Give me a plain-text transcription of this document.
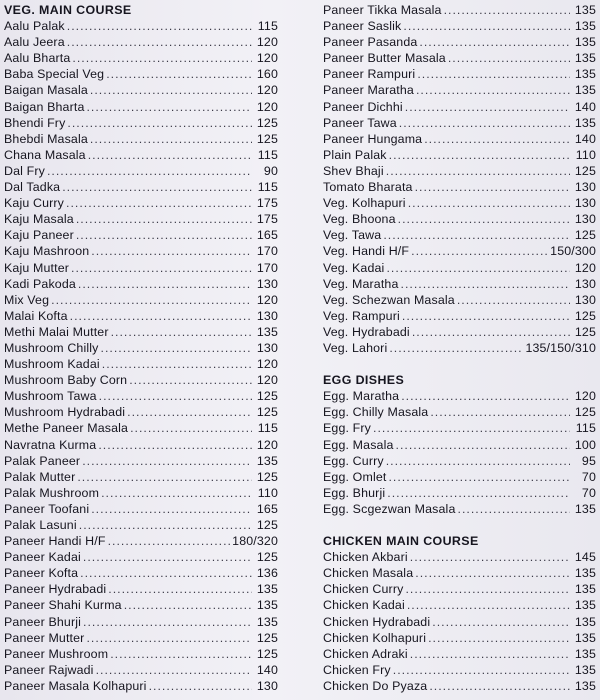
VEG. MAIN COURSE
Aalu Palak .....	115
Aalu Jeera .....	120
Aalu Bharta .....	120
Baba Special Veg .....	160
Baigan Masala .....	120
Baigan Bharta .....	120
Bhendi Fry .....	125
Bhebdi Masala .....	125
Chana Masala .....	115
Dal Fry .....	90
Dal Tadka .....	115
Kaju Curry .....	175
Kaju Masala .....	175
Kaju Paneer .....	165
Kaju Mashroon .....	170
Kaju Mutter .....	170
Kadi Pakoda .....	130
Mix Veg .....	120
Malai Kofta .....	130
Methi Malai Mutter .....	135
Mushroom Chilly .....	130
Mushroom Kadai .....	120
Mushroom Baby Corn .....	120
Mushroom Tawa .....	125
Mushroom Hydrabadi .....	125
Methe Paneer Masala .....	115
Navratna Kurma .....	120
Palak Paneer .....	135
Palak Mutter .....	125
Palak Mushroom .....	110
Paneer Toofani .....	165
Palak Lasuni .....	125
Paneer Handi H/F .....	180/320
Paneer Kadai .....	125
Paneer Kofta .....	136
Paneer Hydrabadi .....	135
Paneer Shahi Kurma .....	135
Paneer Bhurji .....	135
Paneer Mutter .....	125
Paneer Mushroom .....	125
Paneer Rajwadi .....	140
Paneer Masala Kolhapuri .....	130
Paneer Tikka Masala .....	135
Paneer Saslik .....	135
Paneer Pasanda .....	135
Paneer Butter Masala .....	135
Paneer Rampuri .....	135
Paneer Maratha .....	135
Paneer Dichhi .....	140
Paneer Tawa .....	135
Paneer Hungama .....	140
Plain Palak .....	110
Shev Bhaji .....	125
Tomato Bharata .....	130
Veg. Kolhapuri .....	130
Veg. Bhoona .....	130
Veg. Tawa .....	125
Veg. Handi H/F .....	150/300
Veg. Kadai .....	120
Veg. Maratha .....	130
Veg. Schezwan Masala .....	130
Veg. Rampuri .....	125
Veg. Hydrabadi .....	125
Veg. Lahori .....	135/150/310
EGG DISHES
Egg. Maratha .....	120
Egg. Chilly Masala .....	125
Egg. Fry .....	115
Egg. Masala .....	100
Egg. Curry .....	95
Egg. Omlet .....	70
Egg. Bhurji .....	70
Egg. Scgezwan Masala .....	135
CHICKEN MAIN COURSE
Chicken Akbari .....	145
Chicken Masala .....	135
Chicken Curry .....	135
Chicken Kadai .....	135
Chicken Hydrabadi .....	135
Chicken Kolhapuri .....	135
Chicken Adraki .....	135
Chicken Fry .....	135
Chicken Do Pyaza .....	135
